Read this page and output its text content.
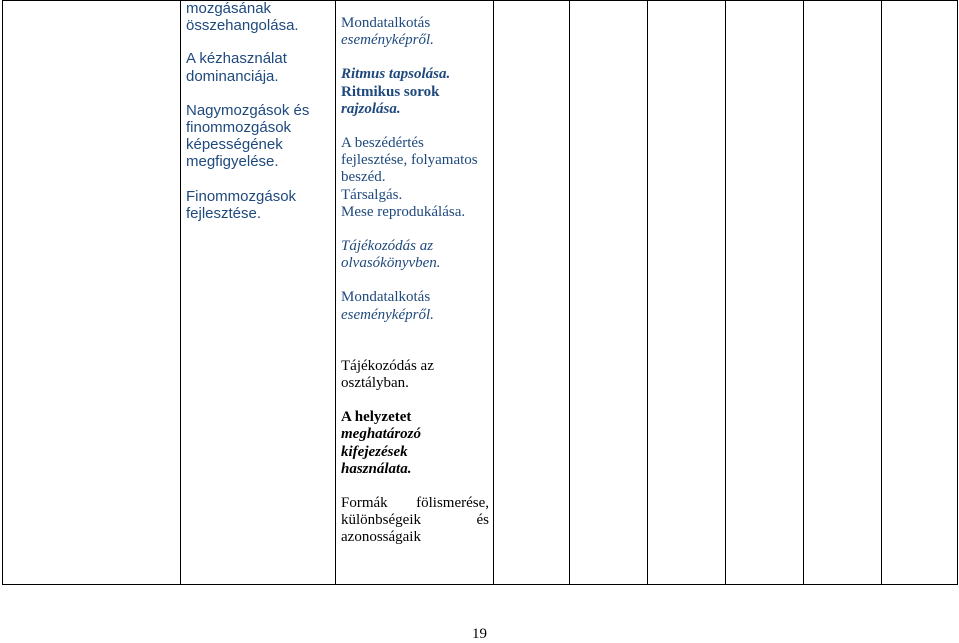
mozgásának
összehangolása.

A kézhasználat
dominanciája.

Nagymozgások és
finommozgások
képességének
megfigyelése.

Finommozgások
fejlesztése.

Mondatalkotás
eseményképről.

Ritmus tapsolása.
Ritmikus sorok
rajzolása.

A beszédértés
fejlesztése, folyamatos
beszéd.
Társalgás.
Mese reprodukálása.

Tájékozódás az
olvasókönyvben.

Mondatalkotás
eseményképről.

Tájékozódás az
osztályban.

A helyzetet
meghatározó
kifejezések
használata.

Formák fölismerése,
különbségeik	és
azonosságaik
19
